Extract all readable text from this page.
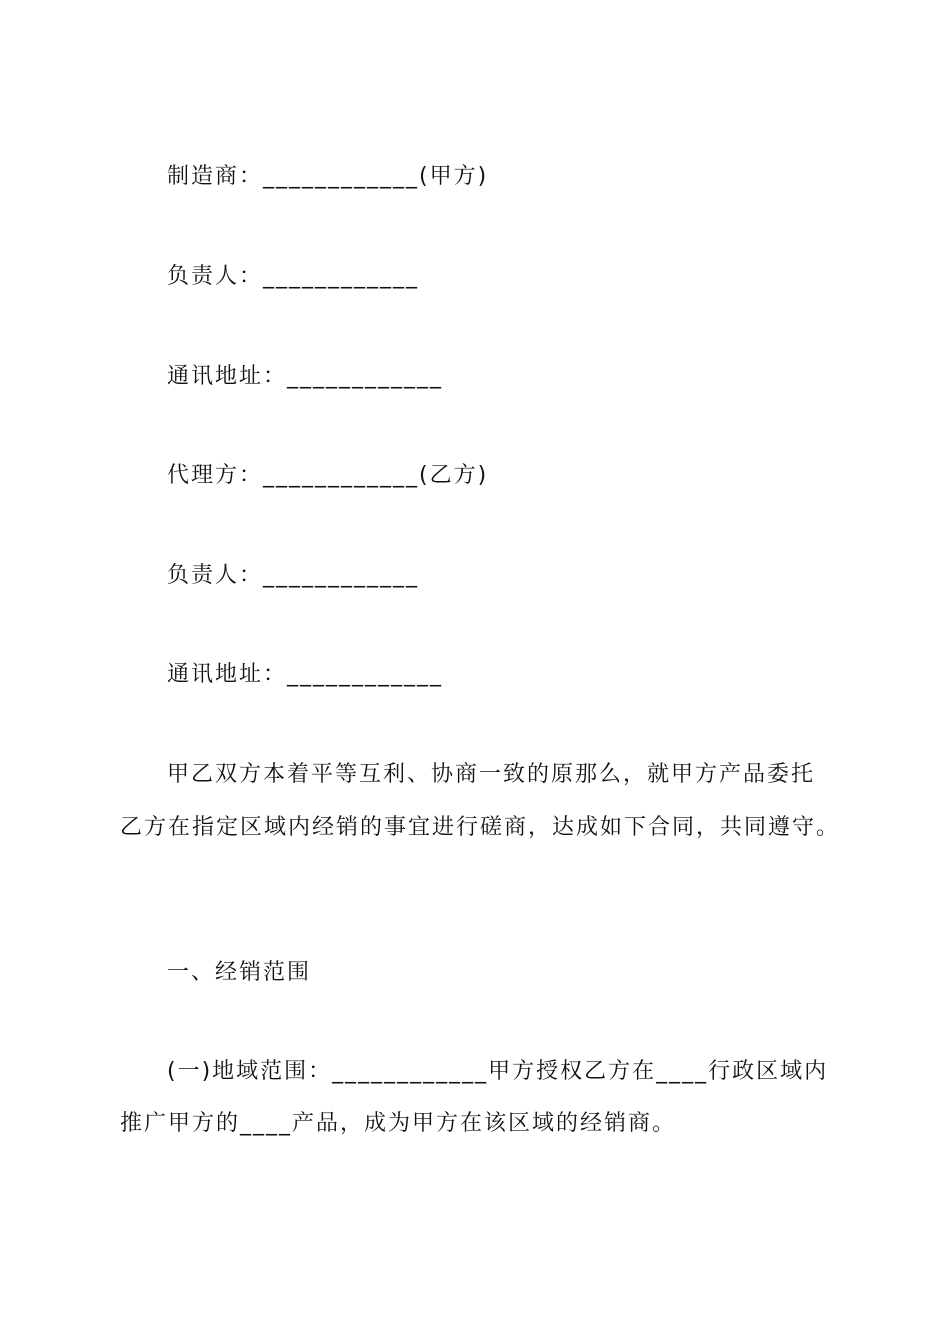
制造商：____________(甲方)
负责人：____________
通讯地址：____________
代理方：____________(乙方)
负责人：____________
通讯地址：____________
甲乙双方本着平等互利、协商一致的原那么，就甲方产品委托
乙方在指定区域内经销的事宜进行磋商，达成如下合同，共同遵守。
一、经销范围
(一)地域范围：____________甲方授权乙方在____行政区域内
推广甲方的____产品，成为甲方在该区域的经销商。
